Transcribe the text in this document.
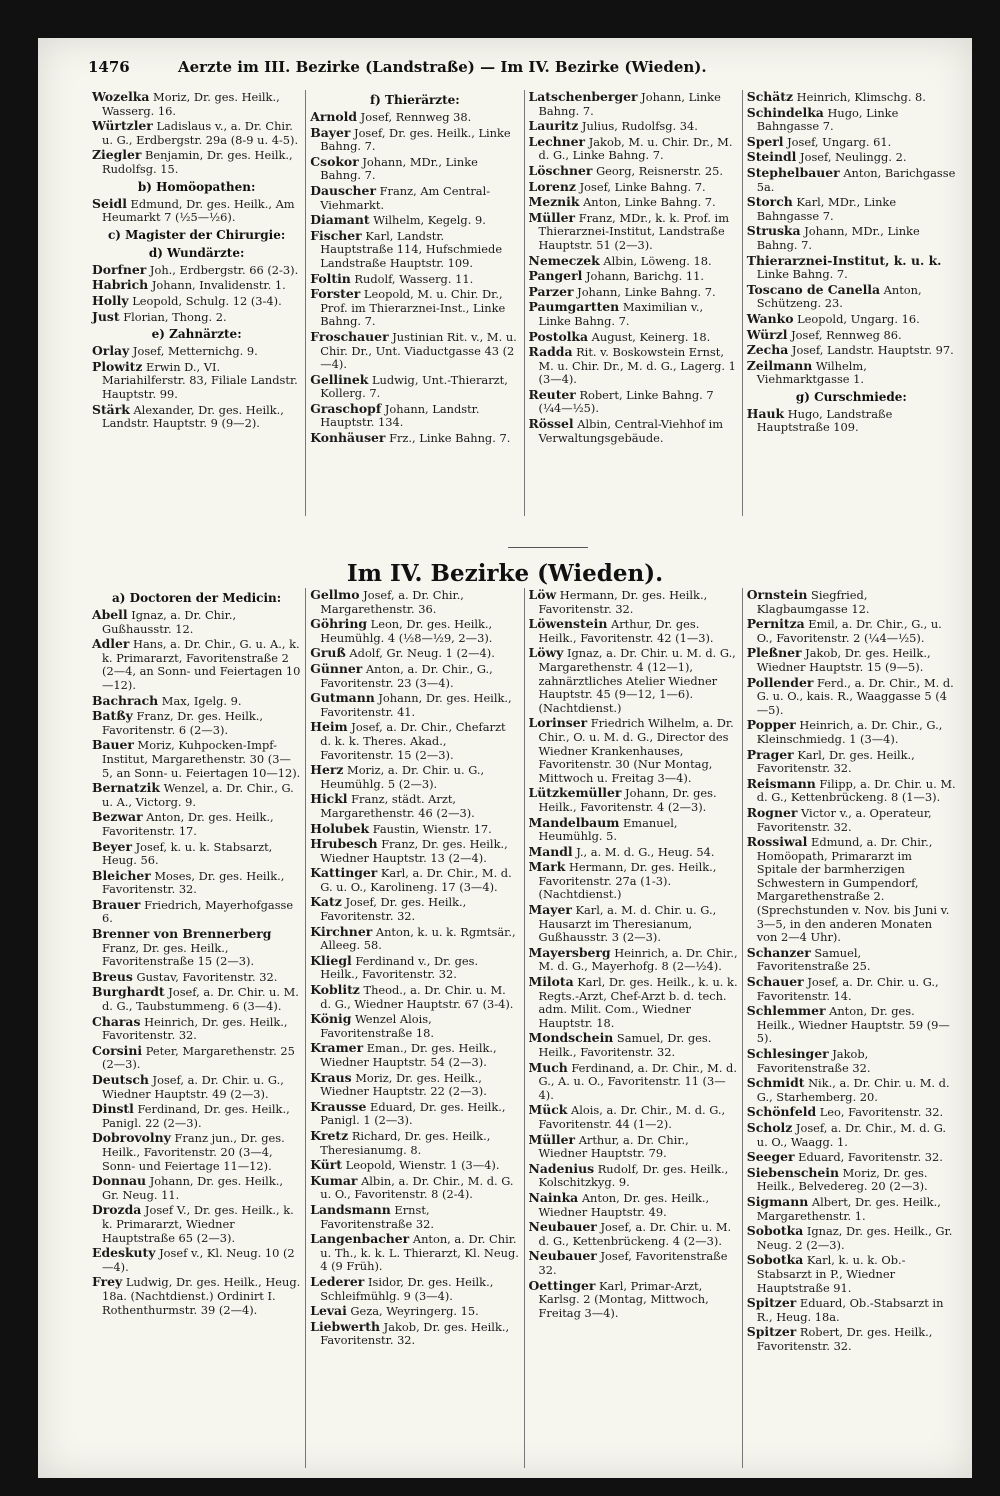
1476	Aerzte im III. Bezirke (Landstraße) — Im IV. Bezirke (Wieden).
Wozelka Moriz, Dr. ges. Heilk., Wasserg. 16.
Würtzler Ladislaus v., a. Dr. Chir. u. G., Erdbergstr. 29a (8-9 u. 4-5).
Ziegler Benjamin, Dr. ges. Heilk., Rudolfsg. 15.
b) Homöopathen:
Seidl Edmund, Dr. ges. Heilk., Am Heumarkt 7 (½5—½6).
c) Magister der Chirurgie:
d) Wundärzte:
Dorfner Joh., Erdbergstr. 66 (2-3).
Habrich Johann, Invalidenstr. 1.
Holly Leopold, Schulg. 12 (3-4).
Just Florian, Thong. 2.
e) Zahnärzte:
Orlay Josef, Metternichg. 9.
Plowitz Erwin D., VI. Mariahilferstr. 83, Filiale Landstr. Hauptstr. 99.
Stärk Alexander, Dr. ges. Heilk., Landstr. Hauptstr. 9 (9—2).
f) Thierärzte:
Arnold Josef, Rennweg 38.
Bayer Josef, Dr. ges. Heilk., Linke Bahng. 7.
Csokor Johann, MDr., Linke Bahng. 7.
Dauscher Franz, Am Central-Viehmarkt.
Diamant Wilhelm, Kegelg. 9.
Fischer Karl, Landstr. Hauptstraße 114, Hufschmiede Landstraße Hauptstr. 109.
Foltin Rudolf, Wasserg. 11.
Forster Leopold, M. u. Chir. Dr., Prof. im Thierarznei-Inst., Linke Bahng. 7.
Froschauer Justinian Rit. v., M. u. Chir. Dr., Unt. Viaductgasse 43 (2—4).
Gellinek Ludwig, Unt.-Thierarzt, Kollerg. 7.
Graschopf Johann, Landstr. Hauptstr. 134.
Konhäuser Frz., Linke Bahng. 7.
Latschenberger Johann, Linke Bahng. 7.
Lauritz Julius, Rudolfsg. 34.
Lechner Jakob, M. u. Chir. Dr., M. d. G., Linke Bahng. 7.
Löschner Georg, Reisnerstr. 25.
Lorenz Josef, Linke Bahng. 7.
Meznik Anton, Linke Bahng. 7.
Müller Franz, MDr., k. k. Prof. im Thierarznei-Institut, Landstraße Hauptstr. 51 (2—3).
Nemeczek Albin, Löweng. 18.
Pangerl Johann, Barichg. 11.
Parzer Johann, Linke Bahng. 7.
Paumgartten Maximilian v., Linke Bahng. 7.
Postolka August, Keinerg. 18.
Radda Rit. v. Boskowstein Ernst, M. u. Chir. Dr., M. d. G., Lagerg. 1 (3—4).
Reuter Robert, Linke Bahng. 7 (¼4—½5).
Rössel Albin, Central-Viehhof im Verwaltungsgebäude.
Schätz Heinrich, Klimschg. 8.
Schindelka Hugo, Linke Bahngasse 7.
Sperl Josef, Ungarg. 61.
Steindl Josef, Neulingg. 2.
Stephelbauer Anton, Barichgasse 5a.
Storch Karl, MDr., Linke Bahngasse 7.
Struska Johann, MDr., Linke Bahng. 7.
Thierarznei-Institut, k. u. k. Linke Bahng. 7.
Toscano de Canella Anton, Schützeng. 23.
Wanko Leopold, Ungarg. 16.
Würzl Josef, Rennweg 86.
Zecha Josef, Landstr. Hauptstr. 97.
Zeilmann Wilhelm, Viehmarktgasse 1.
g) Curschmiede:
Hauk Hugo, Landstraße Hauptstraße 109.
Im IV. Bezirke (Wieden).
a) Doctoren der Medicin:
Abell Ignaz, a. Dr. Chir., Gußhausstr. 12.
Adler Hans, a. Dr. Chir., G. u. A., k. k. Primararzt, Favoritenstraße 2 (2—4, an Sonn- und Feiertagen 10—12).
Bachrach Max, Igelg. 9.
Batßy Franz, Dr. ges. Heilk., Favoritenstr. 6 (2—3).
Bauer Moriz, Kuhpocken-Impf-Institut, Margarethenstr. 30 (3—5, an Sonn- u. Feiertagen 10—12).
Bernatzik Wenzel, a. Dr. Chir., G. u. A., Victorg. 9.
Bezwar Anton, Dr. ges. Heilk., Favoritenstr. 17.
Beyer Josef, k. u. k. Stabsarzt, Heug. 56.
Bleicher Moses, Dr. ges. Heilk., Favoritenstr. 32.
Brauer Friedrich, Mayerhofgasse 6.
Brenner von Brennerberg Franz, Dr. ges. Heilk., Favoritenstraße 15 (2—3).
Breus Gustav, Favoritenstr. 32.
Burghardt Josef, a. Dr. Chir. u. M. d. G., Taubstummeng. 6 (3—4).
Charas Heinrich, Dr. ges. Heilk., Favoritenstr. 32.
Corsini Peter, Margarethenstr. 25 (2—3).
Deutsch Josef, a. Dr. Chir. u. G., Wiedner Hauptstr. 49 (2—3).
Dinstl Ferdinand, Dr. ges. Heilk., Panigl. 22 (2—3).
Dobrovolny Franz jun., Dr. ges. Heilk., Favoritenstr. 20 (3—4, Sonn- und Feiertage 11—12).
Donnau Johann, Dr. ges. Heilk., Gr. Neug. 11.
Drozda Josef V., Dr. ges. Heilk., k. k. Primararzt, Wiedner Hauptstraße 65 (2—3).
Edeskuty Josef v., Kl. Neug. 10 (2—4).
Frey Ludwig, Dr. ges. Heilk., Heug. 18a. (Nachtdienst.) Ordinirt I. Rothenthurmstr. 39 (2—4).
Gellmo Josef, a. Dr. Chir., Margarethenstr. 36.
Göhring Leon, Dr. ges. Heilk., Heumühlg. 4 (½8—½9, 2—3).
Gruß Adolf, Gr. Neug. 1 (2—4).
Günner Anton, a. Dr. Chir., G., Favoritenstr. 23 (3—4).
Gutmann Johann, Dr. ges. Heilk., Favoritenstr. 41.
Heim Josef, a. Dr. Chir., Chefarzt d. k. k. Theres. Akad., Favoritenstr. 15 (2—3).
Herz Moriz, a. Dr. Chir. u. G., Heumühlg. 5 (2—3).
Hickl Franz, städt. Arzt, Margarethenstr. 46 (2—3).
Holubek Faustin, Wienstr. 17.
Hrubesch Franz, Dr. ges. Heilk., Wiedner Hauptstr. 13 (2—4).
Kattinger Karl, a. Dr. Chir., M. d. G. u. O., Karolineng. 17 (3—4).
Katz Josef, Dr. ges. Heilk., Favoritenstr. 32.
Kirchner Anton, k. u. k. Rgmtsär., Alleeg. 58.
Kliegl Ferdinand v., Dr. ges. Heilk., Favoritenstr. 32.
Koblitz Theod., a. Dr. Chir. u. M. d. G., Wiedner Hauptstr. 67 (3-4).
König Wenzel Alois, Favoritenstraße 18.
Kramer Eman., Dr. ges. Heilk., Wiedner Hauptstr. 54 (2—3).
Kraus Moriz, Dr. ges. Heilk., Wiedner Hauptstr. 22 (2—3).
Krausse Eduard, Dr. ges. Heilk., Panigl. 1 (2—3).
Kretz Richard, Dr. ges. Heilk., Theresianumg. 8.
Kürt Leopold, Wienstr. 1 (3—4).
Kumar Albin, a. Dr. Chir., M. d. G. u. O., Favoritenstr. 8 (2-4).
Landsmann Ernst, Favoritenstraße 32.
Langenbacher Anton, a. Dr. Chir. u. Th., k. k. L. Thierarzt, Kl. Neug. 4 (9 Früh).
Lederer Isidor, Dr. ges. Heilk., Schleifmühlg. 9 (3—4).
Levai Geza, Weyringerg. 15.
Liebwerth Jakob, Dr. ges. Heilk., Favoritenstr. 32.
Löw Hermann, Dr. ges. Heilk., Favoritenstr. 32.
Löwenstein Arthur, Dr. ges. Heilk., Favoritenstr. 42 (1—3).
Löwy Ignaz, a. Dr. Chir. u. M. d. G., Margarethenstr. 4 (12—1), zahnärztliches Atelier Wiedner Hauptstr. 45 (9—12, 1—6). (Nachtdienst.)
Lorinser Friedrich Wilhelm, a. Dr. Chir., O. u. M. d. G., Director des Wiedner Krankenhauses, Favoritenstr. 30 (Nur Montag, Mittwoch u. Freitag 3—4).
Lützkemüller Johann, Dr. ges. Heilk., Favoritenstr. 4 (2—3).
Mandelbaum Emanuel, Heumühlg. 5.
Mandl J., a. M. d. G., Heug. 54.
Mark Hermann, Dr. ges. Heilk., Favoritenstr. 27a (1-3). (Nachtdienst.)
Mayer Karl, a. M. d. Chir. u. G., Hausarzt im Theresianum, Gußhausstr. 3 (2—3).
Mayersberg Heinrich, a. Dr. Chir., M. d. G., Mayerhofg. 8 (2—½4).
Milota Karl, Dr. ges. Heilk., k. u. k. Regts.-Arzt, Chef-Arzt b. d. tech. adm. Milit. Com., Wiedner Hauptstr. 18.
Mondschein Samuel, Dr. ges. Heilk., Favoritenstr. 32.
Much Ferdinand, a. Dr. Chir., M. d. G., A. u. O., Favoritenstr. 11 (3—4).
Mück Alois, a. Dr. Chir., M. d. G., Favoritenstr. 44 (1—2).
Müller Arthur, a. Dr. Chir., Wiedner Hauptstr. 79.
Nadenius Rudolf, Dr. ges. Heilk., Kolschitzkyg. 9.
Nainka Anton, Dr. ges. Heilk., Wiedner Hauptstr. 49.
Neubauer Josef, a. Dr. Chir. u. M. d. G., Kettenbrückeng. 4 (2—3).
Neubauer Josef, Favoritenstraße 32.
Oettinger Karl, Primar-Arzt, Karlsg. 2 (Montag, Mittwoch, Freitag 3—4).
Ornstein Siegfried, Klagbaumgasse 12.
Pernitza Emil, a. Dr. Chir., G., u. O., Favoritenstr. 2 (¼4—½5).
Pleßner Jakob, Dr. ges. Heilk., Wiedner Hauptstr. 15 (9—5).
Pollender Ferd., a. Dr. Chir., M. d. G. u. O., kais. R., Waaggasse 5 (4—5).
Popper Heinrich, a. Dr. Chir., G., Kleinschmiedg. 1 (3—4).
Prager Karl, Dr. ges. Heilk., Favoritenstr. 32.
Reismann Filipp, a. Dr. Chir. u. M. d. G., Kettenbrückeng. 8 (1—3).
Rogner Victor v., a. Operateur, Favoritenstr. 32.
Rossiwal Edmund, a. Dr. Chir., Homöopath, Primararzt im Spitale der barmherzigen Schwestern in Gumpendorf, Margarethenstraße 2. (Sprechstunden v. Nov. bis Juni v. 3—5, in den anderen Monaten von 2—4 Uhr).
Schanzer Samuel, Favoritenstraße 25.
Schauer Josef, a. Dr. Chir. u. G., Favoritenstr. 14.
Schlemmer Anton, Dr. ges. Heilk., Wiedner Hauptstr. 59 (9—5).
Schlesinger Jakob, Favoritenstraße 32.
Schmidt Nik., a. Dr. Chir. u. M. d. G., Starhemberg. 20.
Schönfeld Leo, Favoritenstr. 32.
Scholz Josef, a. Dr. Chir., M. d. G. u. O., Waagg. 1.
Seeger Eduard, Favoritenstr. 32.
Siebenschein Moriz, Dr. ges. Heilk., Belvedereg. 20 (2—3).
Sigmann Albert, Dr. ges. Heilk., Margarethenstr. 1.
Sobotka Ignaz, Dr. ges. Heilk., Gr. Neug. 2 (2—3).
Sobotka Karl, k. u. k. Ob.-Stabsarzt in P., Wiedner Hauptstraße 91.
Spitzer Eduard, Ob.-Stabsarzt in R., Heug. 18a.
Spitzer Robert, Dr. ges. Heilk., Favoritenstr. 32.
